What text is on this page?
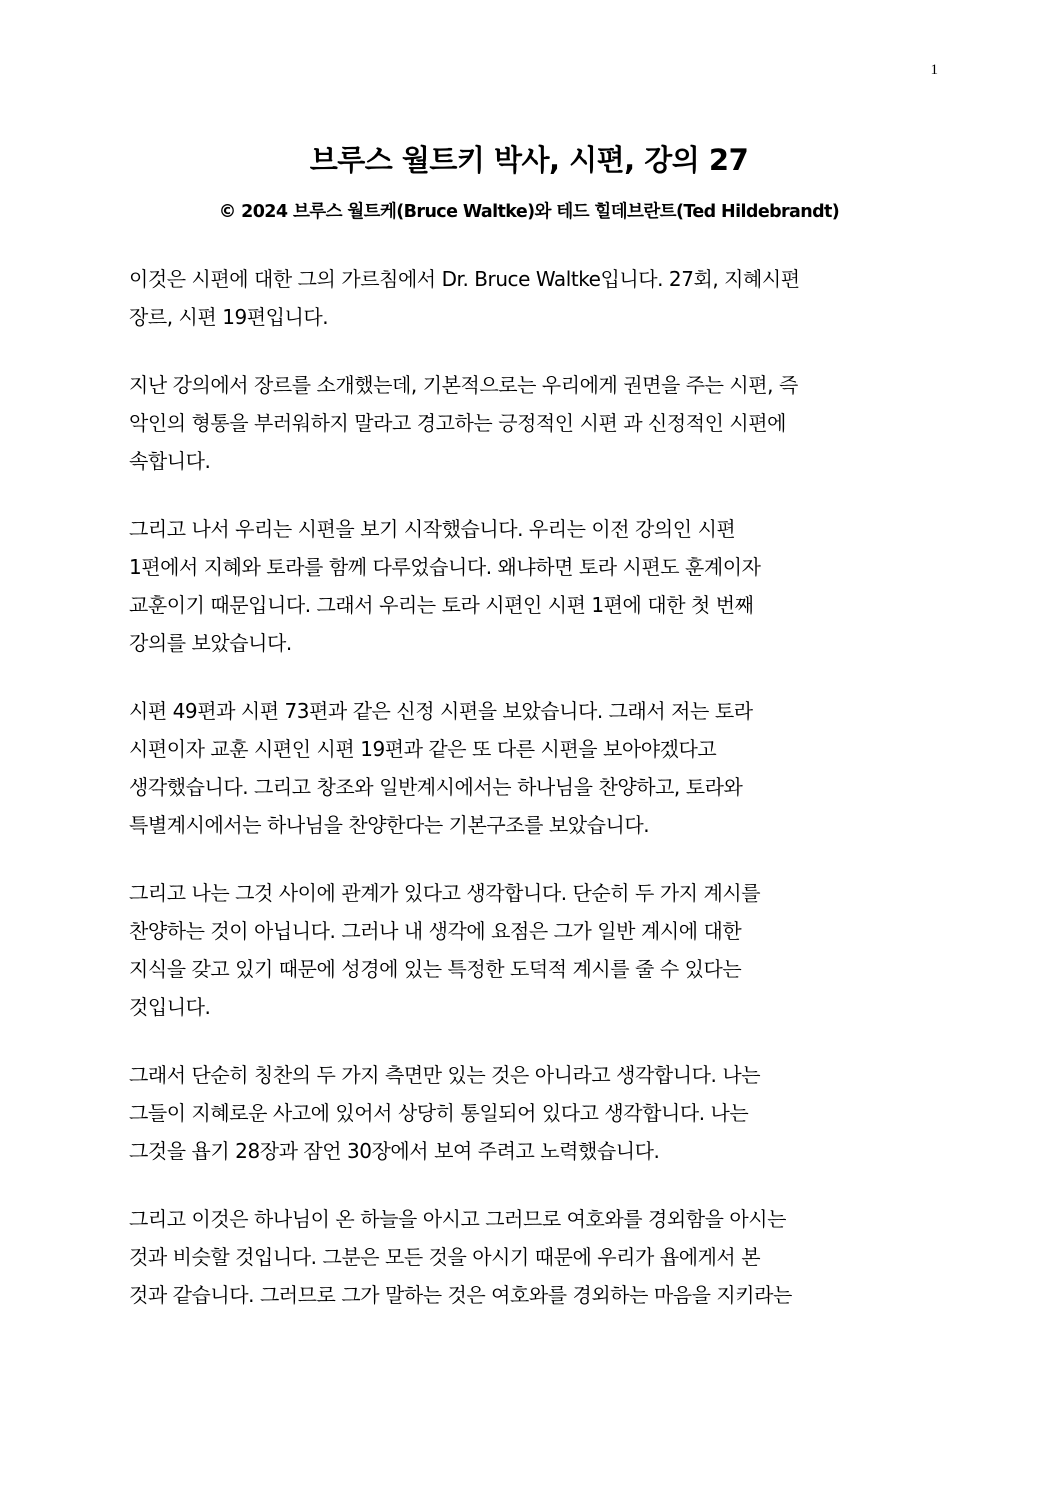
1
브루스 월트키 박사, 시편, 강의 27
© 2024 브루스 월트케(Bruce Waltke)와 테드 힐데브란트(Ted Hildebrandt)
이것은 시편에 대한 그의 가르침에서 Dr. Bruce Waltke입니다. 27회, 지혜시편
장르, 시편 19편입니다.
지난 강의에서 장르를 소개했는데, 기본적으로는 우리에게 권면을 주는 시편, 즉
악인의 형통을 부러워하지 말라고 경고하는 긍정적인 시편 과 신정적인 시편에
속합니다.
그리고 나서 우리는 시편을 보기 시작했습니다. 우리는 이전 강의인 시편
1편에서 지혜와 토라를 함께 다루었습니다. 왜냐하면 토라 시편도 훈계이자
교훈이기 때문입니다. 그래서 우리는 토라 시편인 시편 1편에 대한 첫 번째
강의를 보았습니다.
시편 49편과 시편 73편과 같은 신정 시편을 보았습니다. 그래서 저는 토라
시편이자 교훈 시편인 시편 19편과 같은 또 다른 시편을 보아야겠다고
생각했습니다. 그리고 창조와 일반계시에서는 하나님을 찬양하고, 토라와
특별계시에서는 하나님을 찬양한다는 기본구조를 보았습니다.
그리고 나는 그것 사이에 관계가 있다고 생각합니다. 단순히 두 가지 계시를
찬양하는 것이 아닙니다. 그러나 내 생각에 요점은 그가 일반 계시에 대한
지식을 갖고 있기 때문에 성경에 있는 특정한 도덕적 계시를 줄 수 있다는
것입니다.
그래서 단순히 칭찬의 두 가지 측면만 있는 것은 아니라고 생각합니다. 나는
그들이 지혜로운 사고에 있어서 상당히 통일되어 있다고 생각합니다. 나는
그것을 욥기 28장과 잠언 30장에서 보여 주려고 노력했습니다.
그리고 이것은 하나님이 온 하늘을 아시고 그러므로 여호와를 경외함을 아시는
것과 비슷할 것입니다. 그분은 모든 것을 아시기 때문에 우리가 욥에게서 본
것과 같습니다. 그러므로 그가 말하는 것은 여호와를 경외하는 마음을 지키라는
